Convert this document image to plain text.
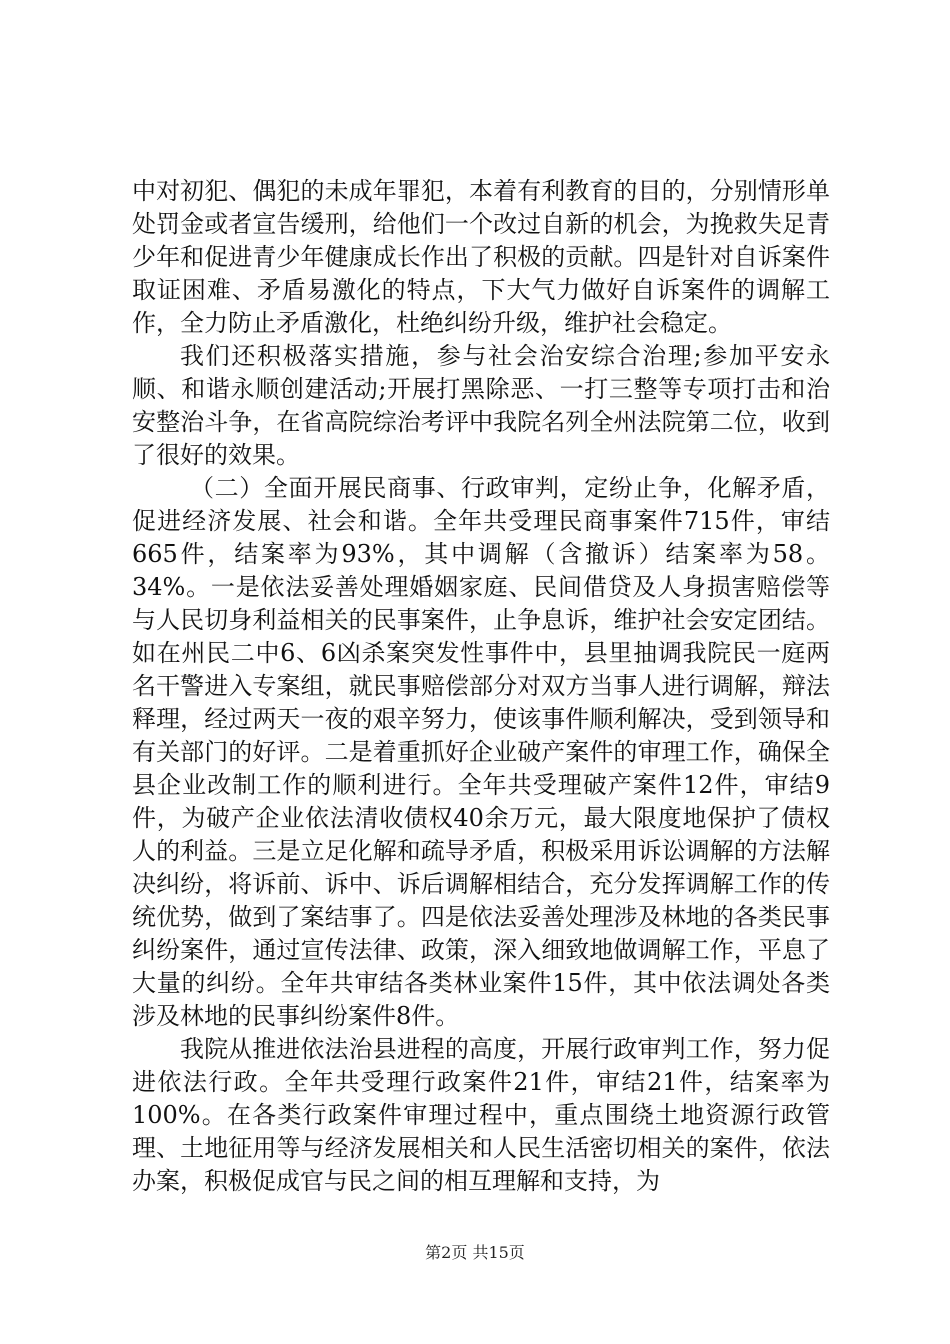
中对初犯、偶犯的未成年罪犯，本着有利教育的目的，分别情形单处罚金或者宣告缓刑，给他们一个改过自新的机会，为挽救失足青少年和促进青少年健康成长作出了积极的贡献。四是针对自诉案件取证困难、矛盾易激化的特点，下大气力做好自诉案件的调解工作，全力防止矛盾激化，杜绝纠纷升级，维护社会稳定。

我们还积极落实措施，参与社会治安综合治理;参加平安永顺、和谐永顺创建活动;开展打黑除恶、一打三整等专项打击和治安整治斗争，在省高院综治考评中我院名列全州法院第二位，收到了很好的效果。

（二）全面开展民商事、行政审判，定纷止争，化解矛盾，促进经济发展、社会和谐。全年共受理民商事案件715件，审结665件，结案率为93%，其中调解（含撤诉）结案率为58。34%。一是依法妥善处理婚姻家庭、民间借贷及人身损害赔偿等与人民切身利益相关的民事案件，止争息诉，维护社会安定团结。如在州民二中6、6凶杀案突发性事件中，县里抽调我院民一庭两名干警进入专案组，就民事赔偿部分对双方当事人进行调解，辩法释理，经过两天一夜的艰辛努力，使该事件顺利解决，受到领导和有关部门的好评。二是着重抓好企业破产案件的审理工作，确保全县企业改制工作的顺利进行。全年共受理破产案件12件，审结9件，为破产企业依法清收债权40余万元，最大限度地保护了债权人的利益。三是立足化解和疏导矛盾，积极采用诉讼调解的方法解决纠纷，将诉前、诉中、诉后调解相结合，充分发挥调解工作的传统优势，做到了案结事了。四是依法妥善处理涉及林地的各类民事纠纷案件，通过宣传法律、政策，深入细致地做调解工作，平息了大量的纠纷。全年共审结各类林业案件15件，其中依法调处各类涉及林地的民事纠纷案件8件。

我院从推进依法治县进程的高度，开展行政审判工作，努力促进依法行政。全年共受理行政案件21件，审结21件，结案率为100%。在各类行政案件审理过程中，重点围绕土地资源行政管理、土地征用等与经济发展相关和人民生活密切相关的案件，依法办案，积极促成官与民之间的相互理解和支持，为

第2页 共15页
